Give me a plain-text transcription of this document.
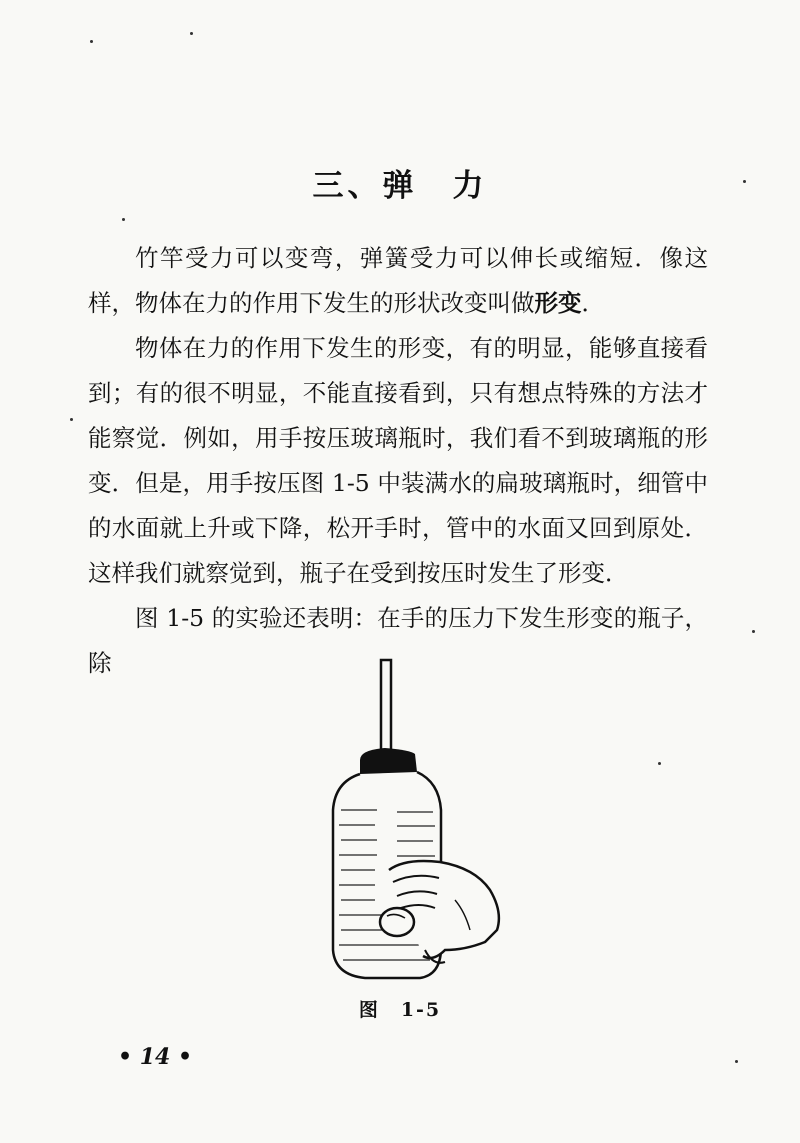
三、弹　力

竹竿受力可以变弯，弹簧受力可以伸长或缩短．像这样，物体在力的作用下发生的形状改变叫做形变．

物体在力的作用下发生的形变，有的明显，能够直接看到；有的很不明显，不能直接看到，只有想点特殊的方法才能察觉．例如，用手按压玻璃瓶时，我们看不到玻璃瓶的形变．但是，用手按压图 1-5 中装满水的扁玻璃瓶时，细管中的水面就上升或下降，松开手时，管中的水面又回到原处．这样我们就察觉到，瓶子在受到按压时发生了形变．

图 1-5 的实验还表明：在手的压力下发生形变的瓶子，除

图　1-5
• 14 •
